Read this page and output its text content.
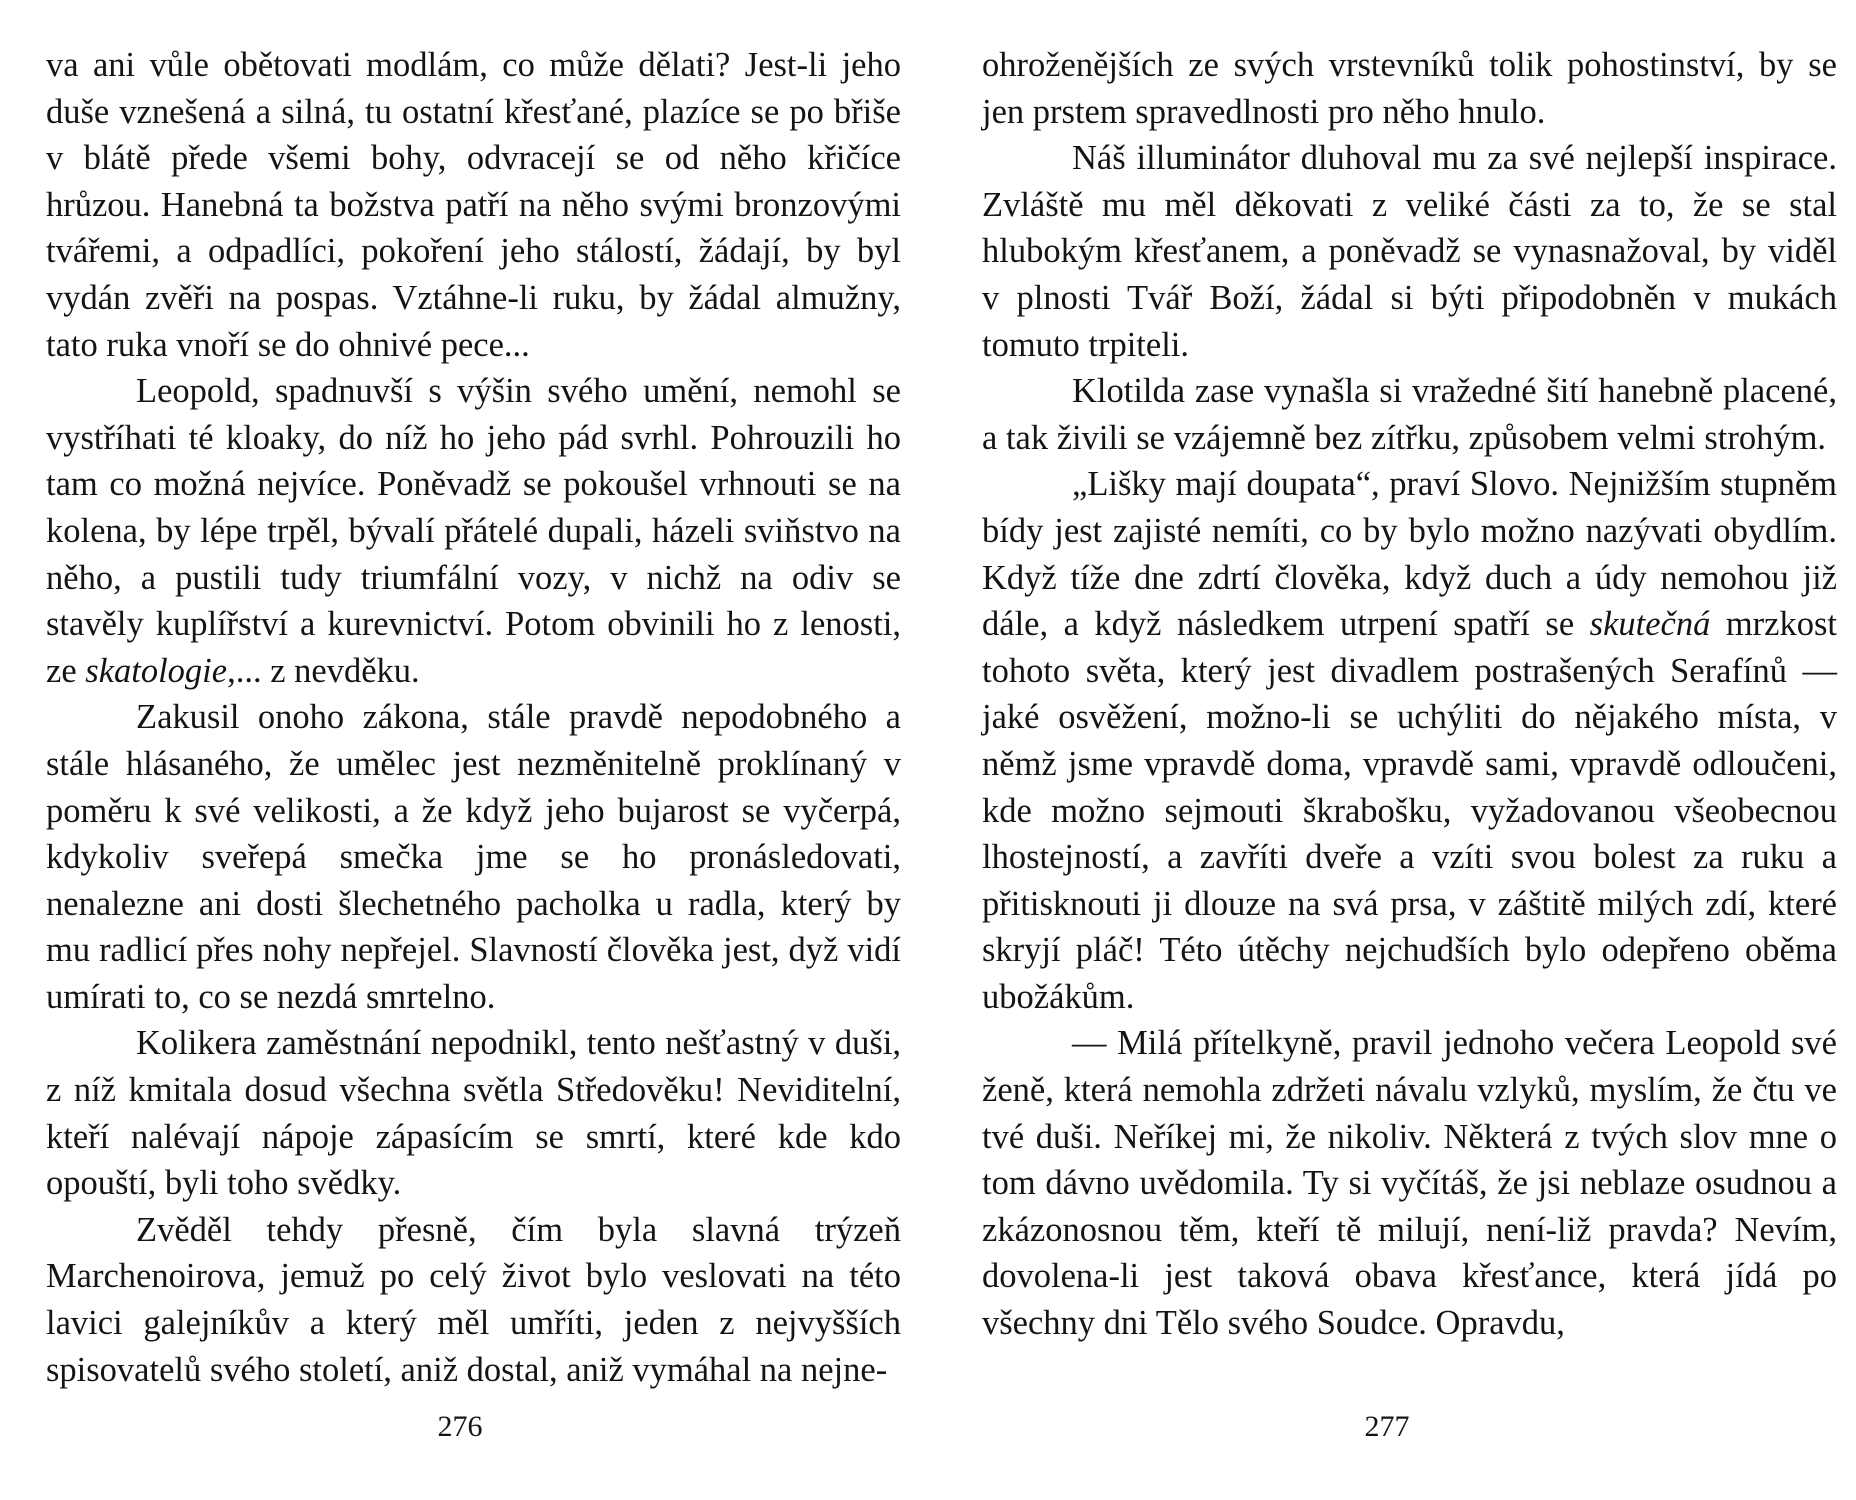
va ani vůle obětovati modlám, co může dělati? Jest-li jeho duše vznešená a silná, tu ostatní křesťané, plazíce se po břiše v blátě přede všemi bohy, odvracejí se od něho křičíce hrůzou. Hanebná ta božstva patří na něho svými bronzovými tvářemi, a odpadlíci, pokoření jeho stálostí, žádají, by byl vydán zvěři na pospas. Vztáhne-li ruku, by žádal almužny, tato ruka vnoří se do ohnivé pece...

Leopold, spadnuvší s výšin svého umění, nemohl se vystříhati té kloaky, do níž ho jeho pád svrhl. Pohrouzili ho tam co možná nejvíce. Poněvadž se pokoušel vrhnouti se na kolena, by lépe trpěl, bývalí přátelé dupali, házeli sviňstvo na něho, a pustili tudy triumfální vozy, v nichž na odiv se stavěly kuplířství a kurevnictví. Potom obvinili ho z lenosti, ze skatologie,... z nevděku.

Zakusil onoho zákona, stále pravdě nepodobného a stále hlásaného, že umělec jest nezměnitelně proklínaný v poměru k své velikosti, a že když jeho bujarost se vyčerpá, kdykoliv sveřepá smečka jme se ho pronásledovati, nenalezne ani dosti šlechetného pacholka u radla, který by mu radlicí přes nohy nepřejel. Slavností člověka jest, dyž vidí umírati to, co se nezdá smrtelno.

Kolikera zaměstnání nepodnikl, tento nešťastný v duši, z níž kmitala dosud všechna světla Středověku! Neviditelní, kteří nalévají nápoje zápasícím se smrtí, které kde kdo opouští, byli toho svědky.

Zvěděl tehdy přesně, čím byla slavná trýzeň Marchenoirova, jemuž po celý život bylo veslovati na této lavici galejníkův a který měl umříti, jeden z nejvyšších spisovatelů svého století, aniž dostal, aniž vymáhal na nejne-

276

ohroženějších ze svých vrstevníků tolik pohostinství, by se jen prstem spravedlnosti pro něho hnulo.

Náš illuminátor dluhoval mu za své nejlepší inspirace. Zvláště mu měl děkovati z veliké části za to, že se stal hlubokým křesťanem, a poněvadž se vynasnažoval, by viděl v plnosti Tvář Boží, žádal si býti připodobněn v mukách tomuto trpiteli.

Klotilda zase vynašla si vražedné šití hanebně placené, a tak živili se vzájemně bez zítřku, způsobem velmi strohým.

„Lišky mají doupata“, praví Slovo. Nejnižším stupněm bídy jest zajisté nemíti, co by bylo možno nazývati obydlím. Když tíže dne zdrtí člověka, když duch a údy nemohou již dále, a když následkem utrpení spatří se skutečná mrzkost tohoto světa, který jest divadlem postrašených Serafínů — jaké osvěžení, možno-li se uchýliti do nějakého místa, v němž jsme vpravdě doma, vpravdě sami, vpravdě odloučeni, kde možno sejmouti škrabošku, vyžadovanou všeobecnou lhostejností, a zavříti dveře a vzíti svou bolest za ruku a přitisknouti ji dlouze na svá prsa, v záštitě milých zdí, které skryjí pláč! Této útěchy nejchudších bylo odepřeno oběma ubožákům.

— Milá přítelkyně, pravil jednoho večera Leopold své ženě, která nemohla zdržeti návalu vzlyků, myslím, že čtu ve tvé duši. Neříkej mi, že nikoliv. Některá z tvých slov mne o tom dávno uvědomila. Ty si vyčítáš, že jsi neblaze osudnou a zkázonosnou těm, kteří tě milují, není-liž pravda? Nevím, dovolena-li jest taková obava křesťance, která jídá po všechny dni Tělo svého Soudce. Opravdu,

277
